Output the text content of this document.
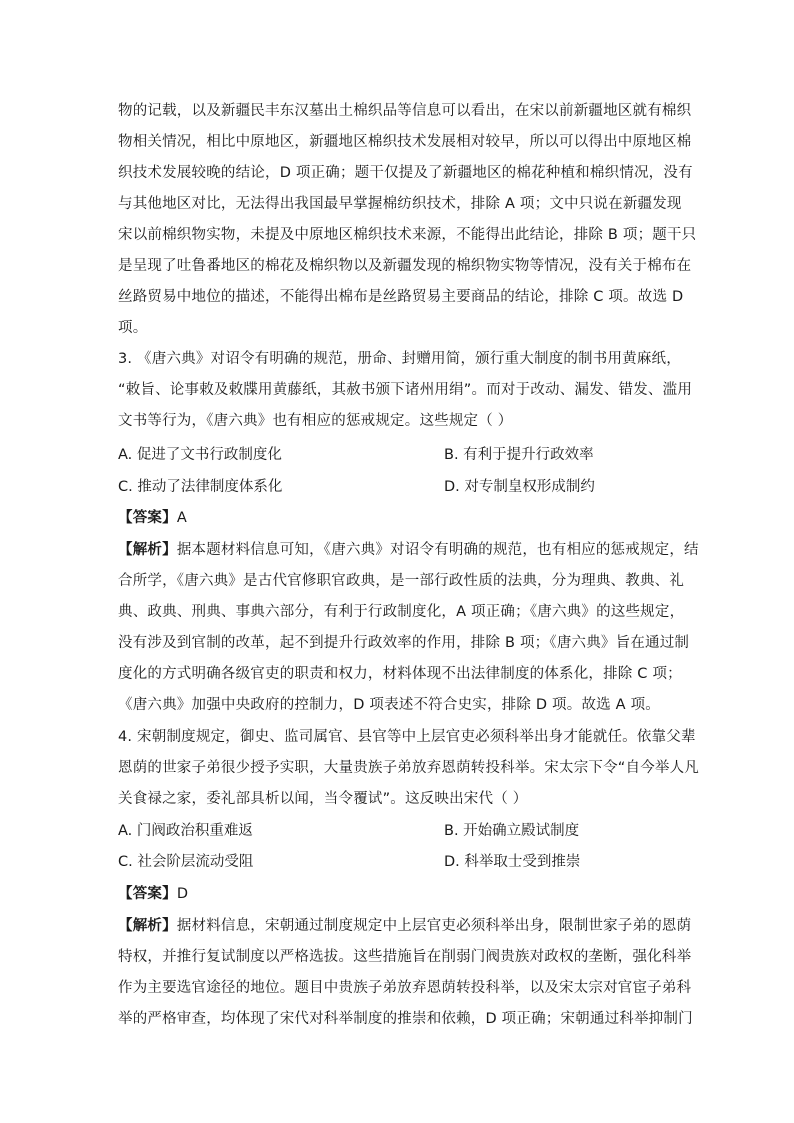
物的记载，以及新疆民丰东汉墓出土棉织品等信息可以看出，在宋以前新疆地区就有棉织
物相关情况，相比中原地区，新疆地区棉织技术发展相对较早，所以可以得出中原地区棉
织技术发展较晚的结论，D 项正确；题干仅提及了新疆地区的棉花种植和棉织情况，没有
与其他地区对比，无法得出我国最早掌握棉纺织技术，排除 A 项；文中只说在新疆发现
宋以前棉织物实物，未提及中原地区棉织技术来源，不能得出此结论，排除 B 项；题干只
是呈现了吐鲁番地区的棉花及棉织物以及新疆发现的棉织物实物等情况，没有关于棉布在
丝路贸易中地位的描述，不能得出棉布是丝路贸易主要商品的结论，排除 C 项。故选 D
项。
3. 《唐六典》对诏令有明确的规范，册命、封赠用简，颁行重大制度的制书用黄麻纸，
“敕旨、论事敕及敕牒用黄藤纸，其赦书颁下诸州用绢”。而对于改动、漏发、错发、滥用
文书等行为，《唐六典》也有相应的惩戒规定。这些规定（ ）
A. 促进了文书行政制度化	B. 有利于提升行政效率
C. 推动了法律制度体系化	D. 对专制皇权形成制约
【答案】A
【解析】据本题材料信息可知，《唐六典》对诏令有明确的规范，也有相应的惩戒规定，结
合所学，《唐六典》是古代官修职官政典，是一部行政性质的法典，分为理典、教典、礼
典、政典、刑典、事典六部分，有利于行政制度化，A 项正确；《唐六典》的这些规定，
没有涉及到官制的改革，起不到提升行政效率的作用，排除 B 项；《唐六典》旨在通过制
度化的方式明确各级官吏的职责和权力，材料体现不出法律制度的体系化，排除 C 项；
《唐六典》加强中央政府的控制力，D 项表述不符合史实，排除 D 项。故选 A 项。
4. 宋朝制度规定，御史、监司属官、县官等中上层官吏必须科举出身才能就任。依靠父辈
恩荫的世家子弟很少授予实职，大量贵族子弟放弃恩荫转投科举。宋太宗下令“自今举人凡
关食禄之家，委礼部具析以闻，当令覆试”。这反映出宋代（ ）
A. 门阀政治积重难返	B. 开始确立殿试制度
C. 社会阶层流动受阻	D. 科举取士受到推崇
【答案】D
【解析】据材料信息，宋朝通过制度规定中上层官吏必须科举出身，限制世家子弟的恩荫
特权，并推行复试制度以严格选拔。这些措施旨在削弱门阀贵族对政权的垄断，强化科举
作为主要选官途径的地位。题目中贵族子弟放弃恩荫转投科举，以及宋太宗对官宦子弟科
举的严格审查，均体现了宋代对科举制度的推崇和依赖，D 项正确；宋朝通过科举抑制门
